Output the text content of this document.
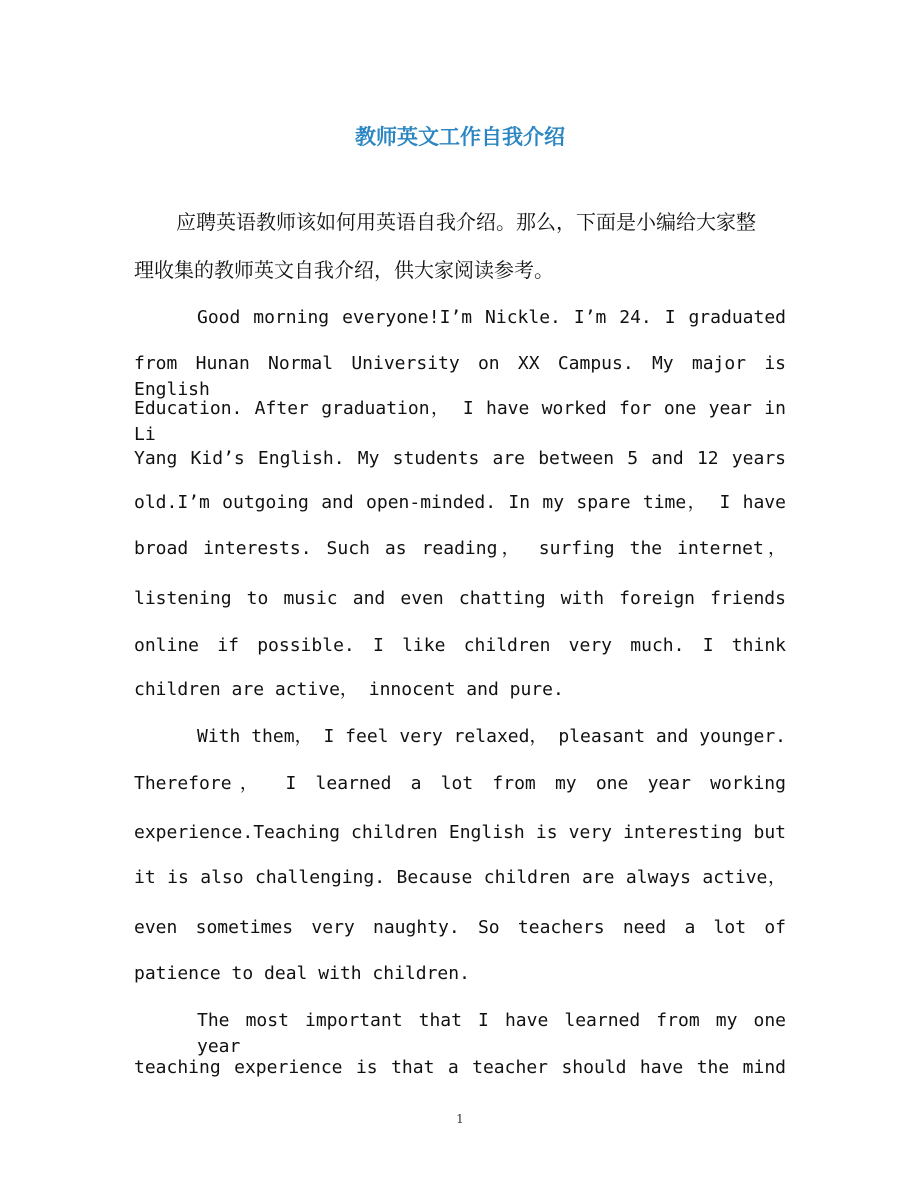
教师英文工作自我介绍
应聘英语教师该如何用英语自我介绍。那么，下面是小编给大家整
理收集的教师英文自我介绍，供大家阅读参考。
Good morning everyone!I’m Nickle. I’m 24. I graduated
from Hunan Normal University on XX Campus. My major is English
Education. After graduation， I have worked for one year in Li
Yang Kid’s English. My students are between 5 and 12 years
old.I’m outgoing and open-minded. In my spare time， I have
broad interests. Such as reading， surfing the internet，
listening to music and even chatting with foreign friends
online if possible. I like children very much. I think
children are active， innocent and pure.
With them， I feel very relaxed， pleasant and younger.
Therefore， I learned a lot from my one year working
experience.Teaching children English is very interesting but
it is also challenging. Because children are always active，
even sometimes very naughty. So teachers need a lot of
patience to deal with children.
The most important that I have learned from my one year
teaching experience is that a teacher should have the mind
1
